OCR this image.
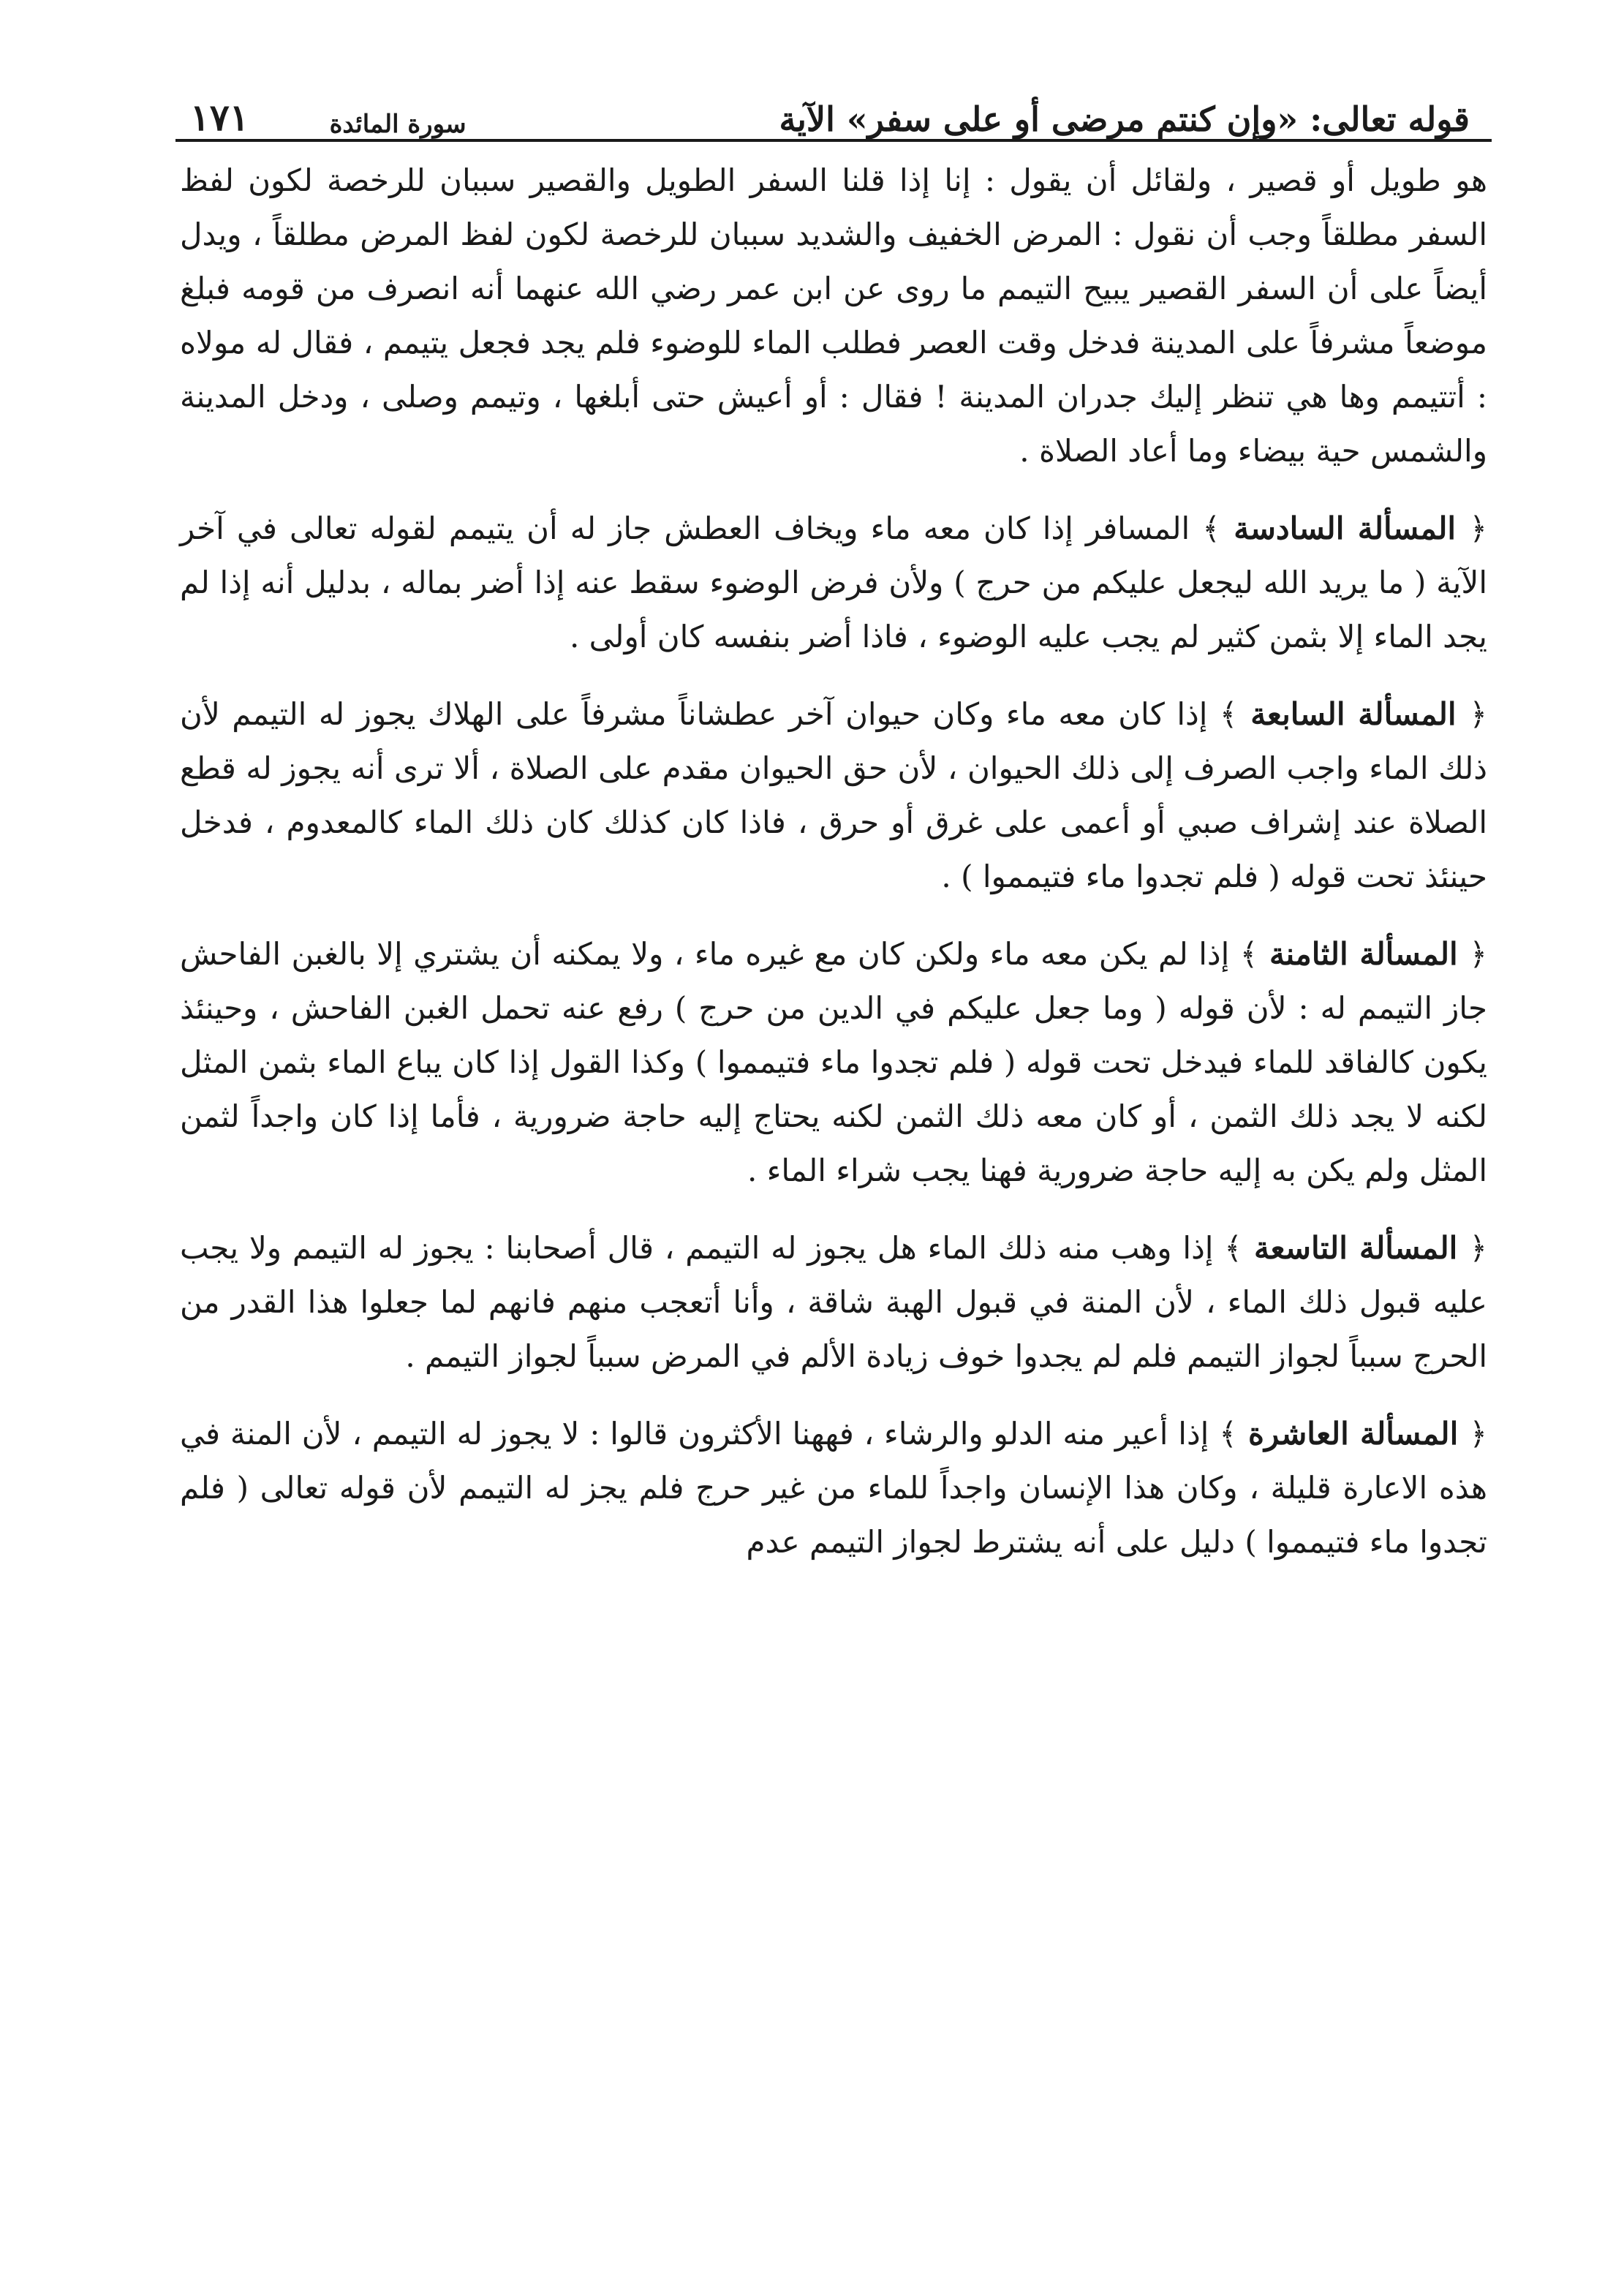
قوله تعالى: «وإن كنتم مرضى أو على سفر» الآية
سورة المائدة
١٧١

هو طويل أو قصير ، ولقائل أن يقول : إنا إذا قلنا السفر الطويل والقصير سببان للرخصة لكون لفظ السفر مطلقاً وجب أن نقول : المرض الخفيف والشديد سببان للرخصة لكون لفظ المرض مطلقاً ، ويدل أيضاً على أن السفر القصير يبيح التيمم ما روى عن ابن عمر رضي الله عنهما أنه انصرف من قومه فبلغ موضعاً مشرفاً على المدينة فدخل وقت العصر فطلب الماء للوضوء فلم يجد فجعل يتيمم ، فقال له مولاه : أتتيمم وها هي تنظر إليك جدران المدينة ! فقال : أو أعيش حتى أبلغها ، وتيمم وصلى ، ودخل المدينة والشمس حية بيضاء وما أعاد الصلاة .

﴿ المسألة السادسة ﴾ المسافر إذا كان معه ماء ويخاف العطش جاز له أن يتيمم لقوله تعالى في آخر الآية ( ما يريد الله ليجعل عليكم من حرج ) ولأن فرض الوضوء سقط عنه إذا أضر بماله ، بدليل أنه إذا لم يجد الماء إلا بثمن كثير لم يجب عليه الوضوء ، فاذا أضر بنفسه كان أولى .

﴿ المسألة السابعة ﴾ إذا كان معه ماء وكان حيوان آخر عطشاناً مشرفاً على الهلاك يجوز له التيمم لأن ذلك الماء واجب الصرف إلى ذلك الحيوان ، لأن حق الحيوان مقدم على الصلاة ، ألا ترى أنه يجوز له قطع الصلاة عند إشراف صبي أو أعمى على غرق أو حرق ، فاذا كان كذلك كان ذلك الماء كالمعدوم ، فدخل حينئذ تحت قوله ( فلم تجدوا ماء فتيمموا ) .

﴿ المسألة الثامنة ﴾ إذا لم يكن معه ماء ولكن كان مع غيره ماء ، ولا يمكنه أن يشتري إلا بالغبن الفاحش جاز التيمم له : لأن قوله ( وما جعل عليكم في الدين من حرج ) رفع عنه تحمل الغبن الفاحش ، وحينئذ يكون كالفاقد للماء فيدخل تحت قوله ( فلم تجدوا ماء فتيمموا ) وكذا القول إذا كان يباع الماء بثمن المثل لكنه لا يجد ذلك الثمن ، أو كان معه ذلك الثمن لكنه يحتاج إليه حاجة ضرورية ، فأما إذا كان واجداً لثمن المثل ولم يكن به إليه حاجة ضرورية فهنا يجب شراء الماء .

﴿ المسألة التاسعة ﴾ إذا وهب منه ذلك الماء هل يجوز له التيمم ، قال أصحابنا : يجوز له التيمم ولا يجب عليه قبول ذلك الماء ، لأن المنة في قبول الهبة شاقة ، وأنا أتعجب منهم فانهم لما جعلوا هذا القدر من الحرج سبباً لجواز التيمم فلم لم يجدوا خوف زيادة الألم في المرض سبباً لجواز التيمم .

﴿ المسألة العاشرة ﴾ إذا أعير منه الدلو والرشاء ، فههنا الأكثرون قالوا : لا يجوز له التيمم ، لأن المنة في هذه الاعارة قليلة ، وكان هذا الإنسان واجداً للماء من غير حرج فلم يجز له التيمم لأن قوله تعالى ( فلم تجدوا ماء فتيمموا ) دليل على أنه يشترط لجواز التيمم عدم
